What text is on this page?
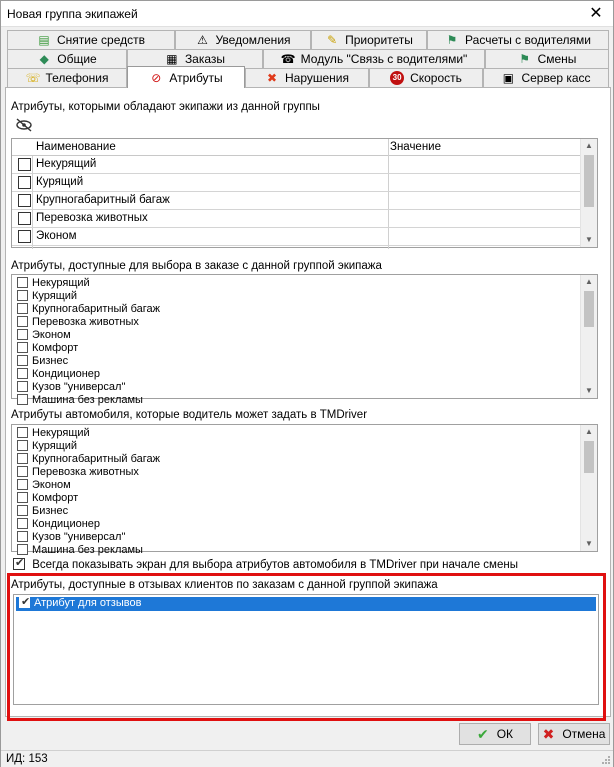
Новая группа экипажей	✕
▤ Снятие средств	⚠ Уведомления	✎ Приоритеты	⚑ Расчеты с водителями
◆ Общие	▦ Заказы	☎ Модуль "Связь с водителями"	⚑ Смены
☏ Телефония	⊘ Атрибуты	✖ Нарушения	30 Скорость	▣ Сервер касс
Атрибуты, которыми обладают экипажи из данной группы
Наименование	Значение
Некурящий
Курящий
Крупногабаритный багаж
Перевозка животных
Эконом
▲
▼
Атрибуты, доступные для выбора в заказе с данной группой экипажа
Некурящий
Курящий
Крупногабаритный багаж
Перевозка животных
Эконом
Комфорт
Бизнес
Кондиционер
Кузов "универсал"
Машина без рекламы
▲
▼
Атрибуты автомобиля, которые водитель может задать в TMDriver
Некурящий
Курящий
Крупногабаритный багаж
Перевозка животных
Эконом
Комфорт
Бизнес
Кондиционер
Кузов "универсал"
Машина без рекламы
▲
▼
✔ Всегда показывать экран для выбора атрибутов автомобиля в TMDriver при начале смены
Атрибуты, доступные в отзывах клиентов по заказам с данной группой экипажа
✔ Атрибут для отзывов
✔ ОК ✖ Отмена
ИД: 153
